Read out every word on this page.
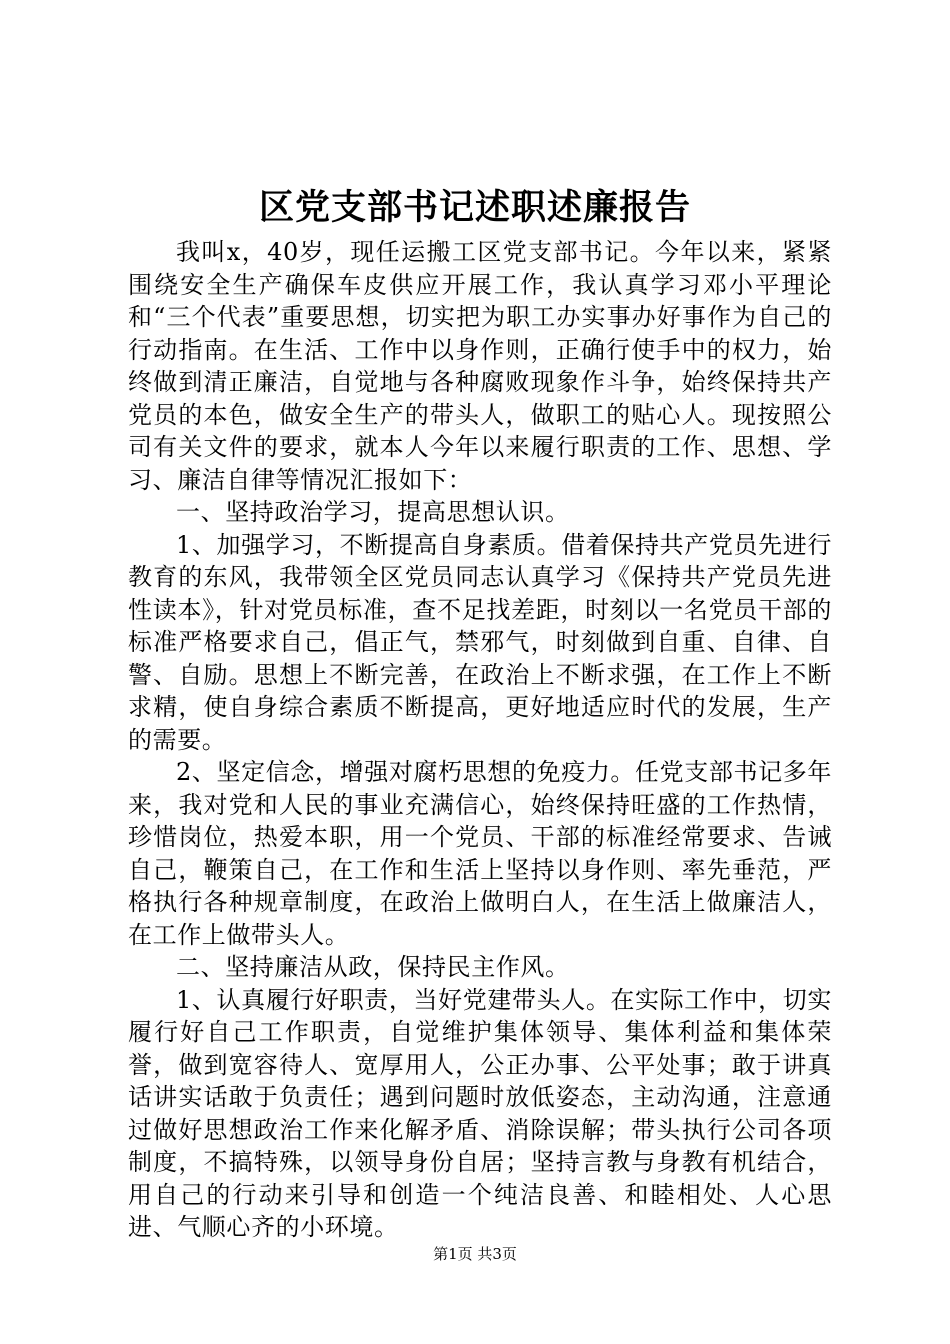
区党支部书记述职述廉报告

我叫x，40岁，现任运搬工区党支部书记。今年以来，紧紧围绕安全生产确保车皮供应开展工作，我认真学习邓小平理论和“三个代表”重要思想，切实把为职工办实事办好事作为自己的行动指南。在生活、工作中以身作则，正确行使手中的权力，始终做到清正廉洁，自觉地与各种腐败现象作斗争，始终保持共产党员的本色，做安全生产的带头人，做职工的贴心人。现按照公司有关文件的要求，就本人今年以来履行职责的工作、思想、学习、廉洁自律等情况汇报如下：

一、坚持政治学习，提高思想认识。

1、加强学习，不断提高自身素质。借着保持共产党员先进行教育的东风，我带领全区党员同志认真学习《保持共产党员先进性读本》，针对党员标准，查不足找差距，时刻以一名党员干部的标准严格要求自己，倡正气，禁邪气，时刻做到自重、自律、自警、自励。思想上不断完善，在政治上不断求强，在工作上不断求精，使自身综合素质不断提高，更好地适应时代的发展，生产的需要。

2、坚定信念，增强对腐朽思想的免疫力。任党支部书记多年来，我对党和人民的事业充满信心，始终保持旺盛的工作热情，珍惜岗位，热爱本职，用一个党员、干部的标准经常要求、告诫自己，鞭策自己，在工作和生活上坚持以身作则、率先垂范，严格执行各种规章制度，在政治上做明白人，在生活上做廉洁人，在工作上做带头人。

二、坚持廉洁从政，保持民主作风。

1、认真履行好职责，当好党建带头人。在实际工作中，切实履行好自己工作职责，自觉维护集体领导、集体利益和集体荣誉，做到宽容待人、宽厚用人，公正办事、公平处事；敢于讲真话讲实话敢于负责任；遇到问题时放低姿态，主动沟通，注意通过做好思想政治工作来化解矛盾、消除误解；带头执行公司各项制度，不搞特殊，以领导身份自居；坚持言教与身教有机结合，用自己的行动来引导和创造一个纯洁良善、和睦相处、人心思进、气顺心齐的小环境。

第1页 共3页
